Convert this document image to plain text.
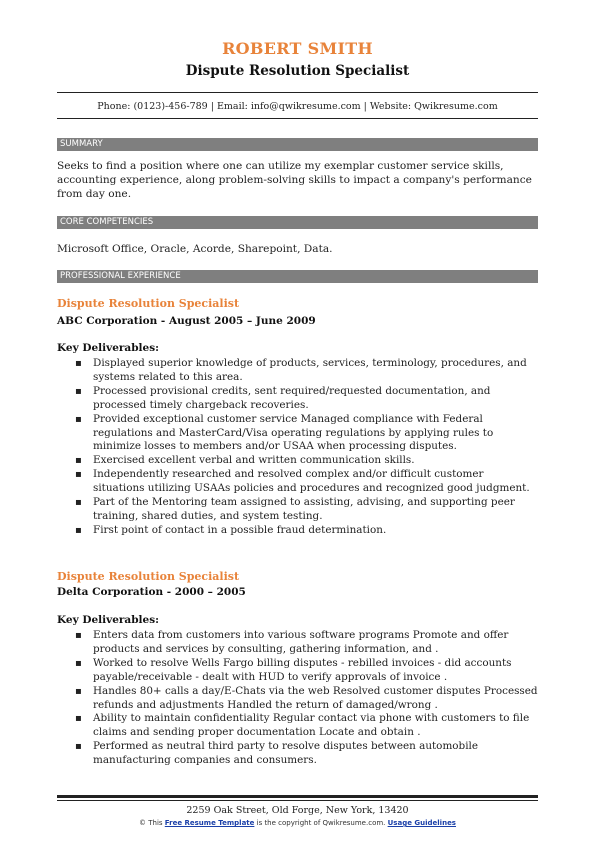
ROBERT SMITH
Dispute Resolution Specialist
Phone: (0123)-456-789 | Email: info@qwikresume.com | Website: Qwikresume.com
SUMMARY
Seeks to find a position where one can utilize my exemplar customer service skills, accounting experience, along problem-solving skills to impact a company's performance from day one.
CORE COMPETENCIES
Microsoft Office, Oracle, Acorde, Sharepoint, Data.
PROFESSIONAL EXPERIENCE
Dispute Resolution Specialist
ABC Corporation - August 2005 – June 2009
Key Deliverables:
▪ Displayed superior knowledge of products, services, terminology, procedures, and systems related to this area.
▪ Processed provisional credits, sent required/requested documentation, and processed timely chargeback recoveries.
▪ Provided exceptional customer service Managed compliance with Federal regulations and MasterCard/Visa operating regulations by applying rules to minimize losses to members and/or USAA when processing disputes.
▪ Exercised excellent verbal and written communication skills.
▪ Independently researched and resolved complex and/or difficult customer situations utilizing USAAs policies and procedures and recognized good judgment.
▪ Part of the Mentoring team assigned to assisting, advising, and supporting peer training, shared duties, and system testing.
▪ First point of contact in a possible fraud determination.
Dispute Resolution Specialist
Delta Corporation - 2000 – 2005
Key Deliverables:
▪ Enters data from customers into various software programs Promote and offer products and services by consulting, gathering information, and .
▪ Worked to resolve Wells Fargo billing disputes - rebilled invoices - did accounts payable/receivable - dealt with HUD to verify approvals of invoice .
▪ Handles 80+ calls a day/E-Chats via the web Resolved customer disputes Processed refunds and adjustments Handled the return of damaged/wrong .
▪ Ability to maintain confidentiality Regular contact via phone with customers to file claims and sending proper documentation Locate and obtain .
▪ Performed as neutral third party to resolve disputes between automobile manufacturing companies and consumers.
2259 Oak Street, Old Forge, New York, 13420
© This Free Resume Template is the copyright of Qwikresume.com. Usage Guidelines
